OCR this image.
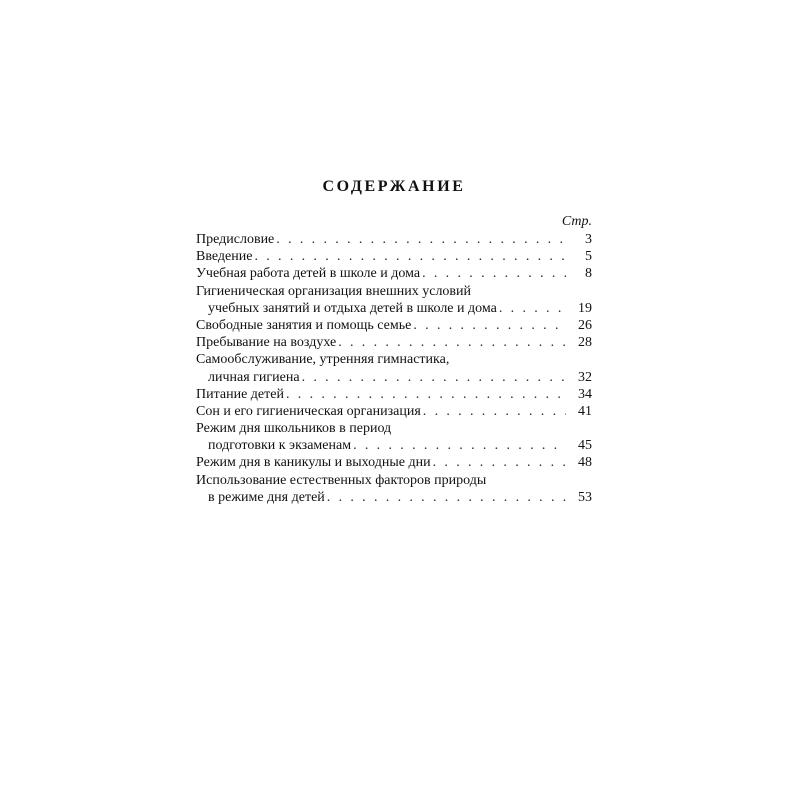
СОДЕРЖАНИЕ
Стр.
Предисловие . . .	3
Введение . . .	5
Учебная работа детей в школе и дома . . .	8
Гигиеническая организация внешних условий
учебных занятий и отдыха детей в школе и дома . . .	19
Свободные занятия и помощь семье . . .	26
Пребывание на воздухе . . .	28
Самообслуживание, утренняя гимнастика,
личная гигиена . . .	32
Питание детей . . .	34
Сон и его гигиеническая организация . . .	41
Режим дня школьников в период
подготовки к экзаменам . . .	45
Режим дня в каникулы и выходные дни . . .	48
Использование естественных факторов природы
в режиме дня детей . . .	53
